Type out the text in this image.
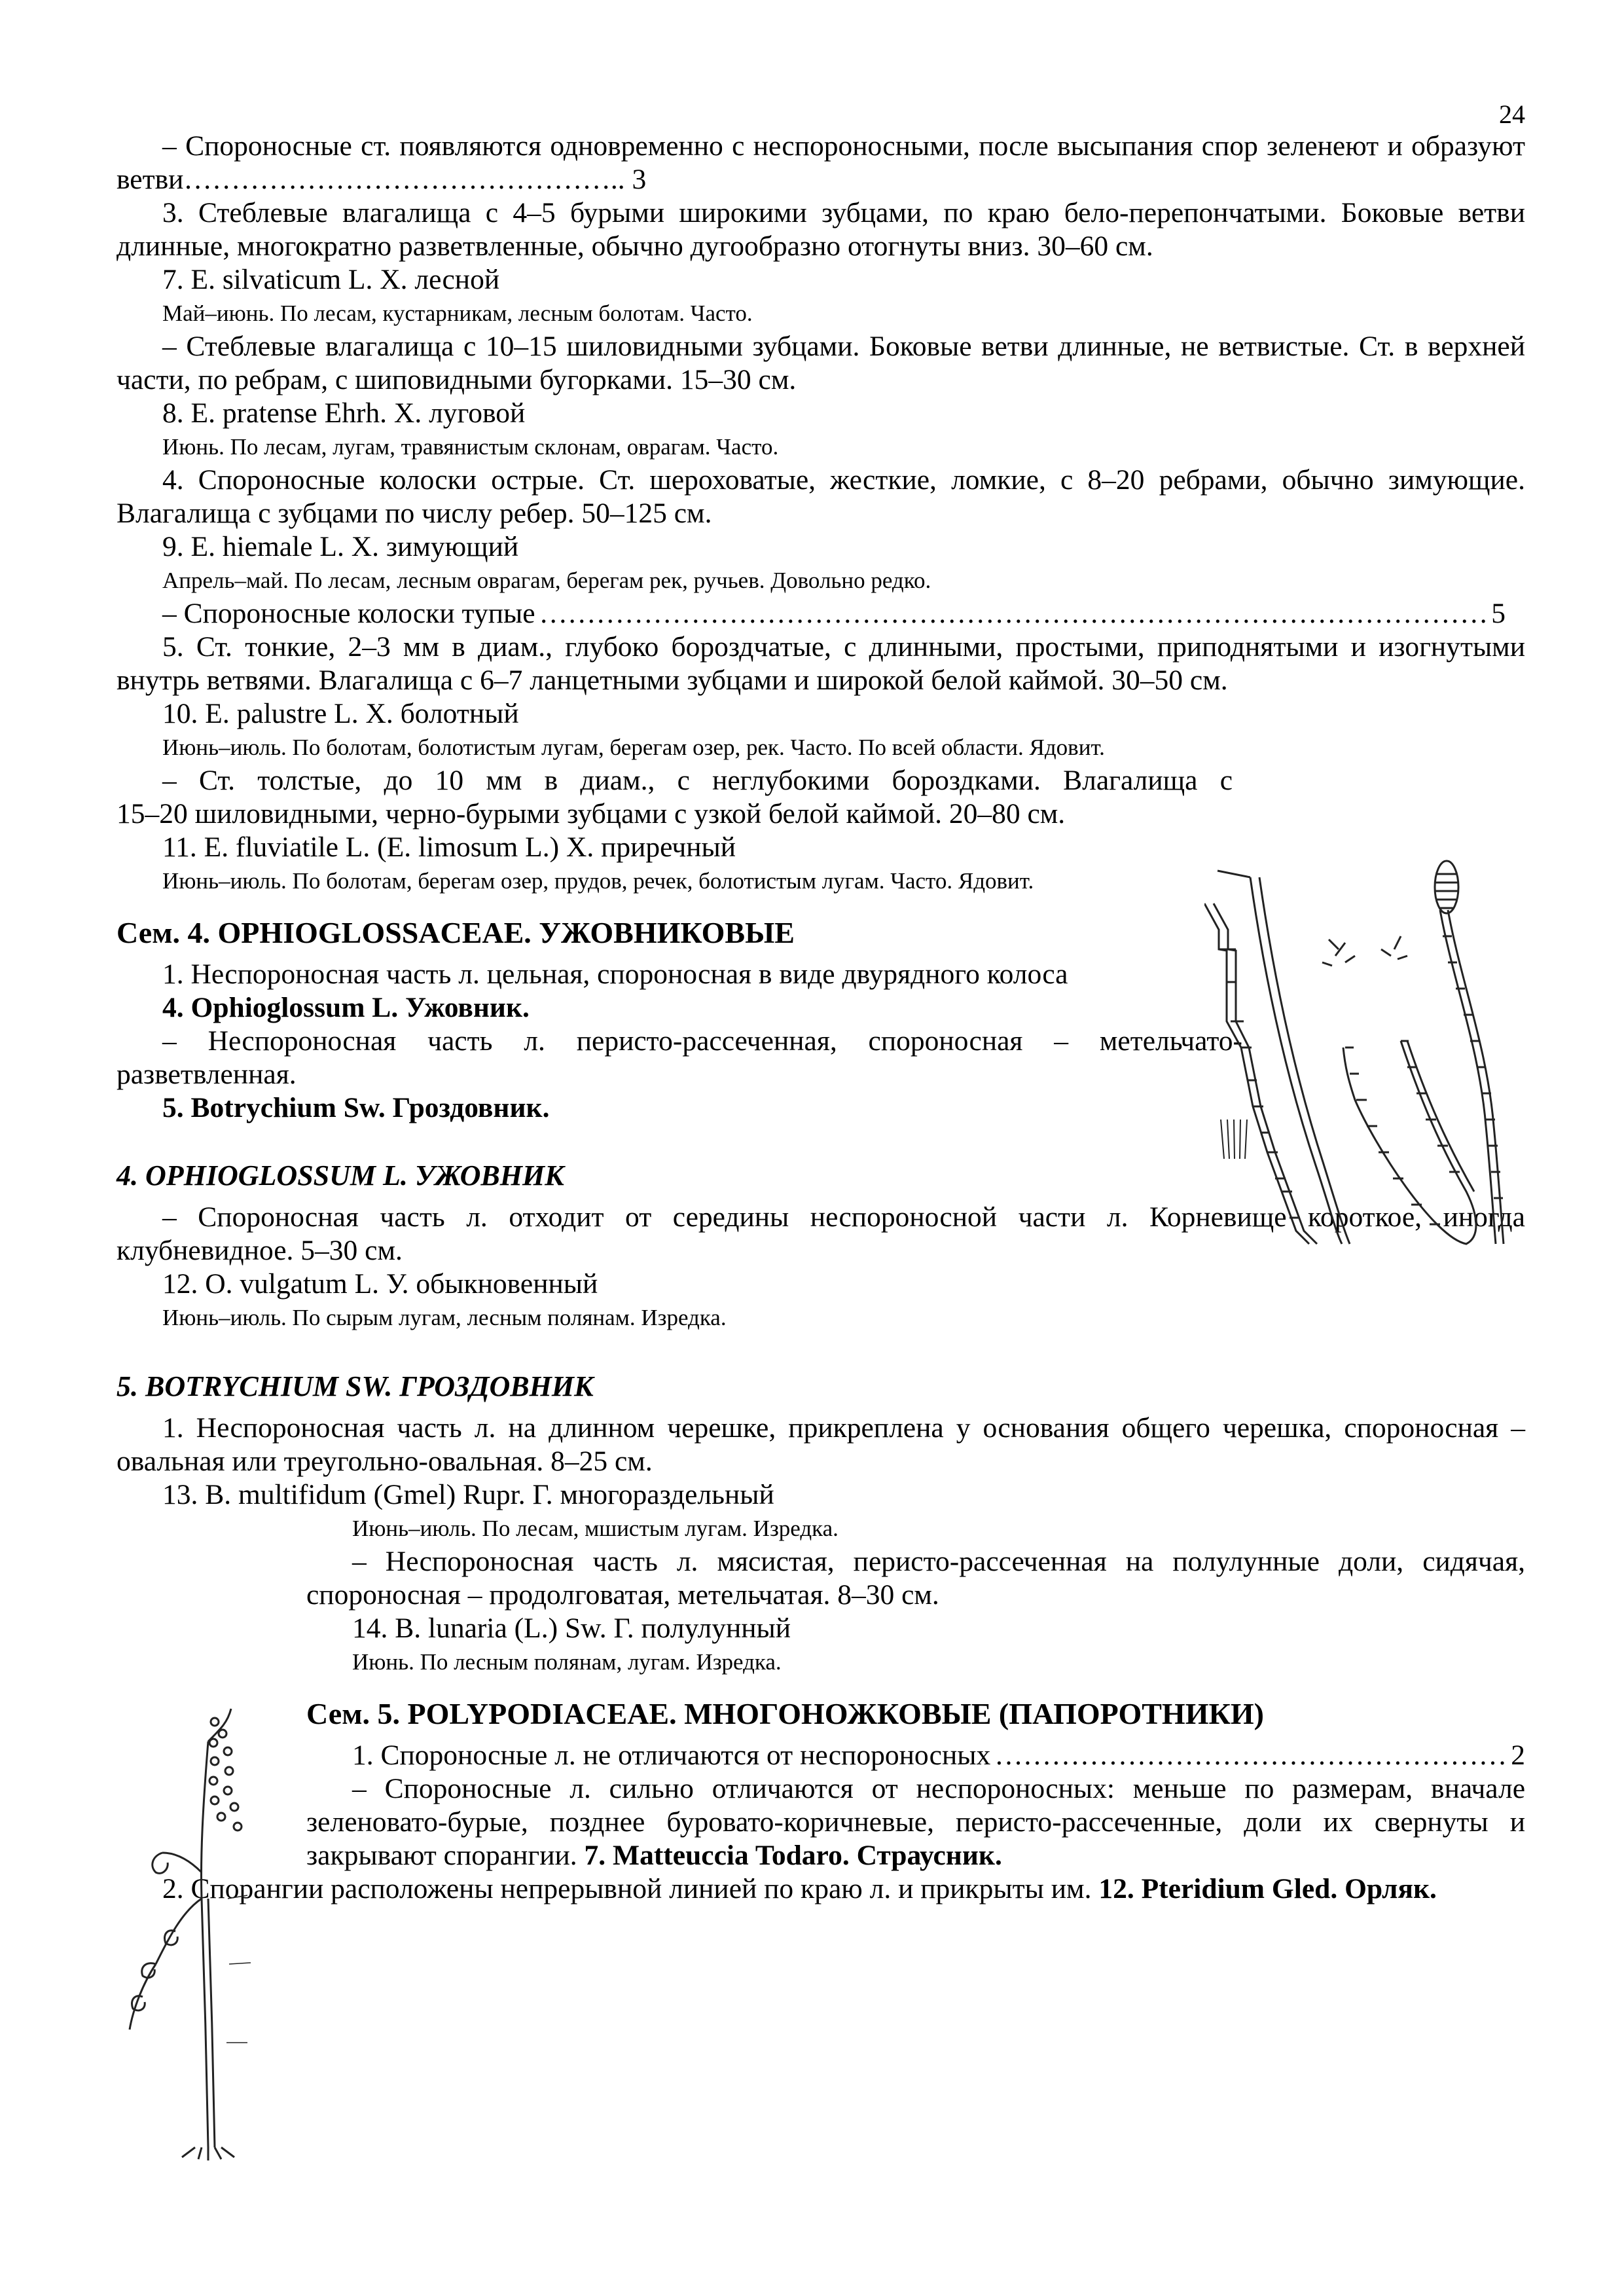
24
– Спороносные ст. появляются одновременно с неспороносными, после высыпания спор зеленеют и образуют ветви……………………………………….. 3
3. Стеблевые влагалища с 4–5 бурыми широкими зубцами, по краю бело-перепончатыми. Боковые ветви длинные, многократно разветвленные, обычно дугообразно отогнуты вниз. 30–60 см.
7. E. silvaticum L. X. лесной
Май–июнь. По лесам, кустарникам, лесным болотам. Часто.
– Стеблевые влагалища с 10–15 шиловидными зубцами. Боковые ветви длинные, не ветвистые. Ст. в верхней части, по ребрам, с шиповидными бугорками. 15–30 см.
8. E. pratense Ehrh. X. луговой
Июнь. По лесам, лугам, травянистым склонам, оврагам. Часто.
4. Спороносные колоски острые. Ст. шероховатые, жесткие, ломкие, с 8–20 ребрами, обычно зимующие. Влагалища с зубцами по числу ребер. 50–125 см.
9. E. hiemale L. X. зимующий
Апрель–май. По лесам, лесным оврагам, берегам рек, ручьев. Довольно редко.
– Спороносные колоски тупые ……………………………………………………………………………………………………………………………………………………………………………	5
5. Ст. тонкие, 2–3 мм в диам., глубоко бороздчатые, с длинными, простыми, приподнятыми и изогнутыми внутрь ветвями. Влагалища с 6–7 ланцетными зубцами и широкой белой каймой. 30–50 см.
10. E. palustre L. X. болотный
Июнь–июль. По болотам, болотистым лугам, берегам озер, рек. Часто. По всей области. Ядовит.
– Ст. толстые, до 10 мм в диам., с неглубокими бороздками. Влагалища с
15–20 шиловидными, черно-бурыми зубцами с узкой белой каймой. 20–80 см.
11. E. fluviatile L. (E. limosum L.) X. приречный
Июнь–июль. По болотам, берегам озер, прудов, речек, болотистым лугам. Часто. Ядовит.
Сем. 4. OPHIOGLOSSACEAE. УЖОВНИКОВЫЕ
1. Неспороносная часть л. цельная, спороносная в виде двурядного колоса
4. Ophioglossum L. Ужовник.
– Неспороносная часть л. перисто-рассеченная, спороносная – метельчато-
разветвленная.
5. Botrychium Sw. Гроздовник.
4. OPHIOGLOSSUM L. УЖОВНИК
– Спороносная часть л. отходит от середины неспороносной части л. Корневище короткое, иногда клубневидное. 5–30 см.
12. O. vulgatum L. У. обыкновенный
Июнь–июль. По сырым лугам, лесным полянам. Изредка.
5. BOTRYCHIUM SW. ГРОЗДОВНИК
1. Неспороносная часть л. на длинном черешке, прикреплена у основания общего черешка, спороносная – овальная или треугольно-овальная. 8–25 см.
13. B. multifidum (Gmel) Rupr. Г. многораздельный
Июнь–июль. По лесам, мшистым лугам. Изредка.
– Неспороносная часть л. мясистая, перисто-рассеченная на полулунные доли, сидячая, спороносная – продолговатая, метельчатая. 8–30 см.
14. B. lunaria (L.) Sw. Г. полулунный
Июнь. По лесным полянам, лугам. Изредка.
Сем. 5. POLYPODIACEAE. МНОГОНОЖКОВЫЕ (ПАПОРОТНИКИ)
1. Спороносные л. не отличаются от неспороносных ……………………………………………………………………………………………………………………………………………………………………………	2
– Спороносные л. сильно отличаются от неспороносных: меньше по размерам, вначале зеленовато-бурые, позднее буровато-коричневые, перисто-рассеченные, доли их свернуты и закрывают спорангии. 7. Matteuccia Todaro. Страусник.
2. Спорангии расположены непрерывной линией по краю л. и прикрыты им. 12. Pteridium Gled. Орляк.
